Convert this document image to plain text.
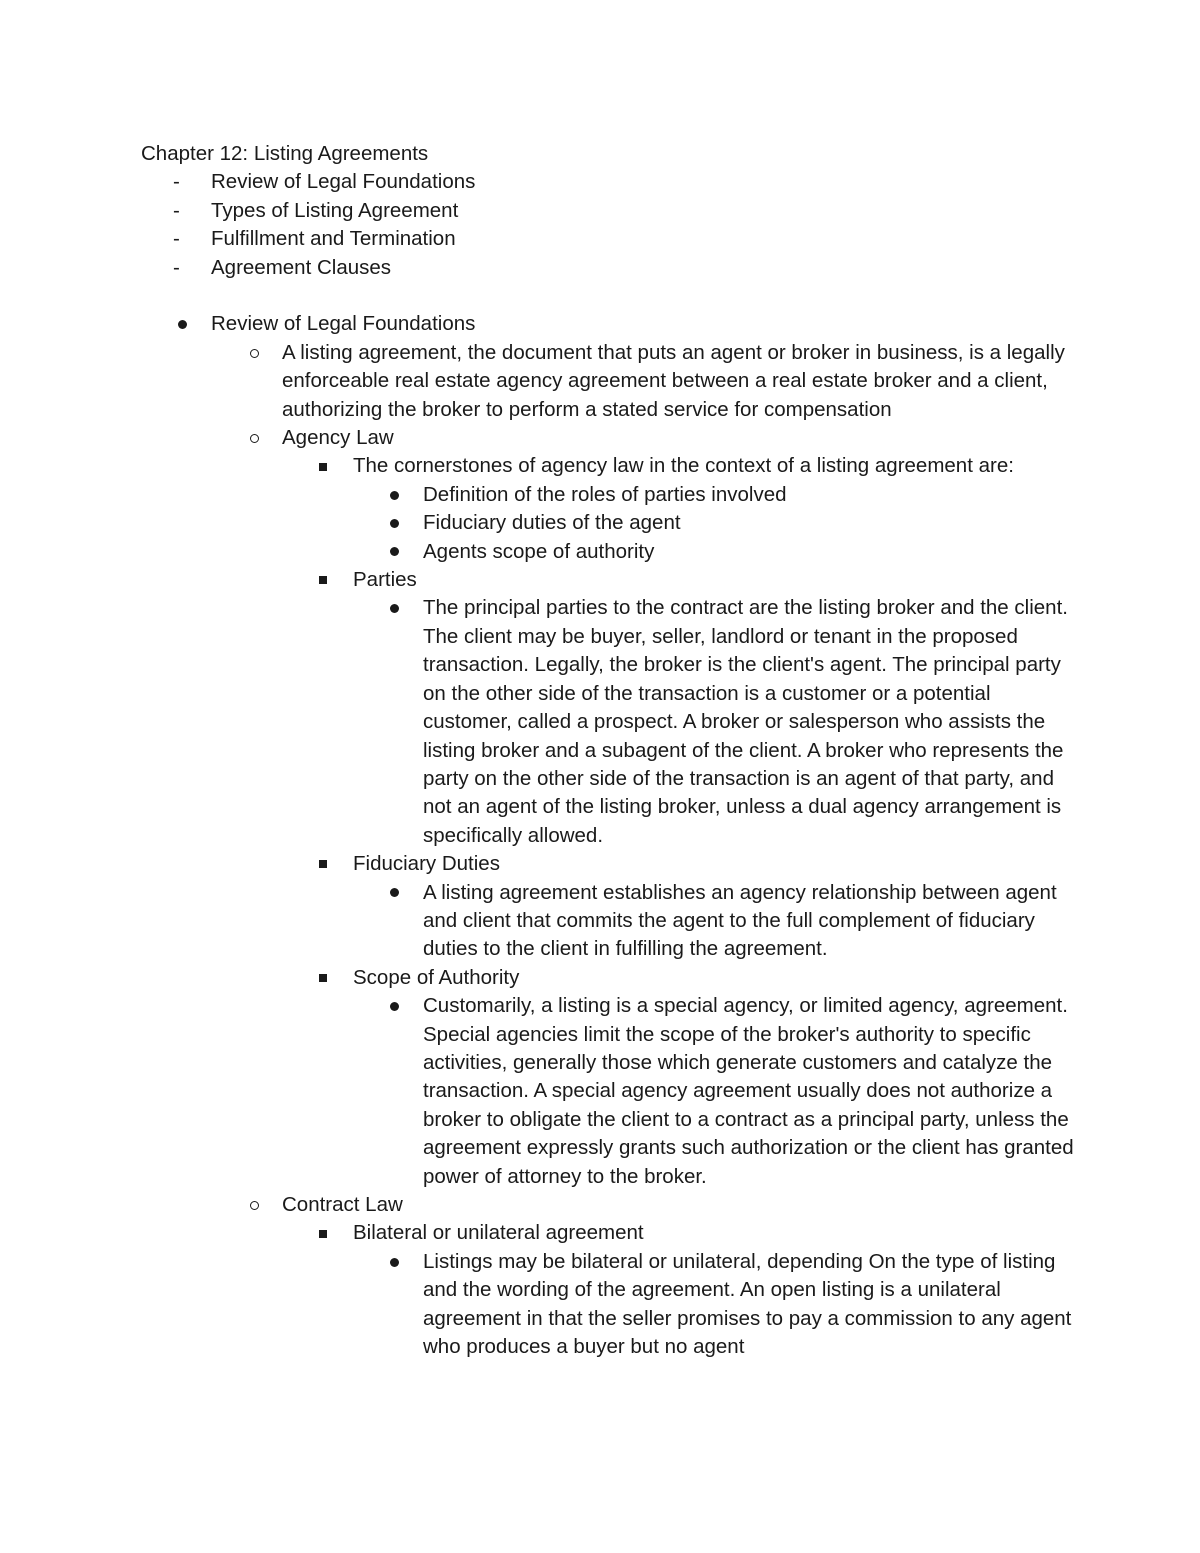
Chapter 12: Listing Agreements
- Review of Legal Foundations
- Types of Listing Agreement
- Fulfillment and Termination
- Agreement Clauses
Review of Legal Foundations
A listing agreement, the document that puts an agent or broker in business, is a legally enforceable real estate agency agreement between a real estate broker and a client, authorizing the broker to perform a stated service for compensation
Agency Law
The cornerstones of agency law in the context of a listing agreement are:
Definition of the roles of parties involved
Fiduciary duties of the agent
Agents scope of authority
Parties
The principal parties to the contract are the listing broker and the client. The client may be buyer, seller, landlord or tenant in the proposed transaction. Legally, the broker is the client's agent. The principal party on the other side of the transaction is a customer or a potential customer, called a prospect. A broker or salesperson who assists the listing broker and a subagent of the client. A broker who represents the party on the other side of the transaction is an agent of that party, and not an agent of the listing broker, unless a dual agency arrangement is specifically allowed.
Fiduciary Duties
A listing agreement establishes an agency relationship between agent and client that commits the agent to the full complement of fiduciary duties to the client in fulfilling the agreement.
Scope of Authority
Customarily, a listing is a special agency, or limited agency, agreement. Special agencies limit the scope of the broker's authority to specific activities, generally those which generate customers and catalyze the transaction. A special agency agreement usually does not authorize a broker to obligate the client to a contract as a principal party, unless the agreement expressly grants such authorization or the client has granted power of attorney to the broker.
Contract Law
Bilateral or unilateral agreement
Listings may be bilateral or unilateral, depending On the type of listing and the wording of the agreement. An open listing is a unilateral agreement in that the seller promises to pay a commission to any agent who produces a buyer but no agent
